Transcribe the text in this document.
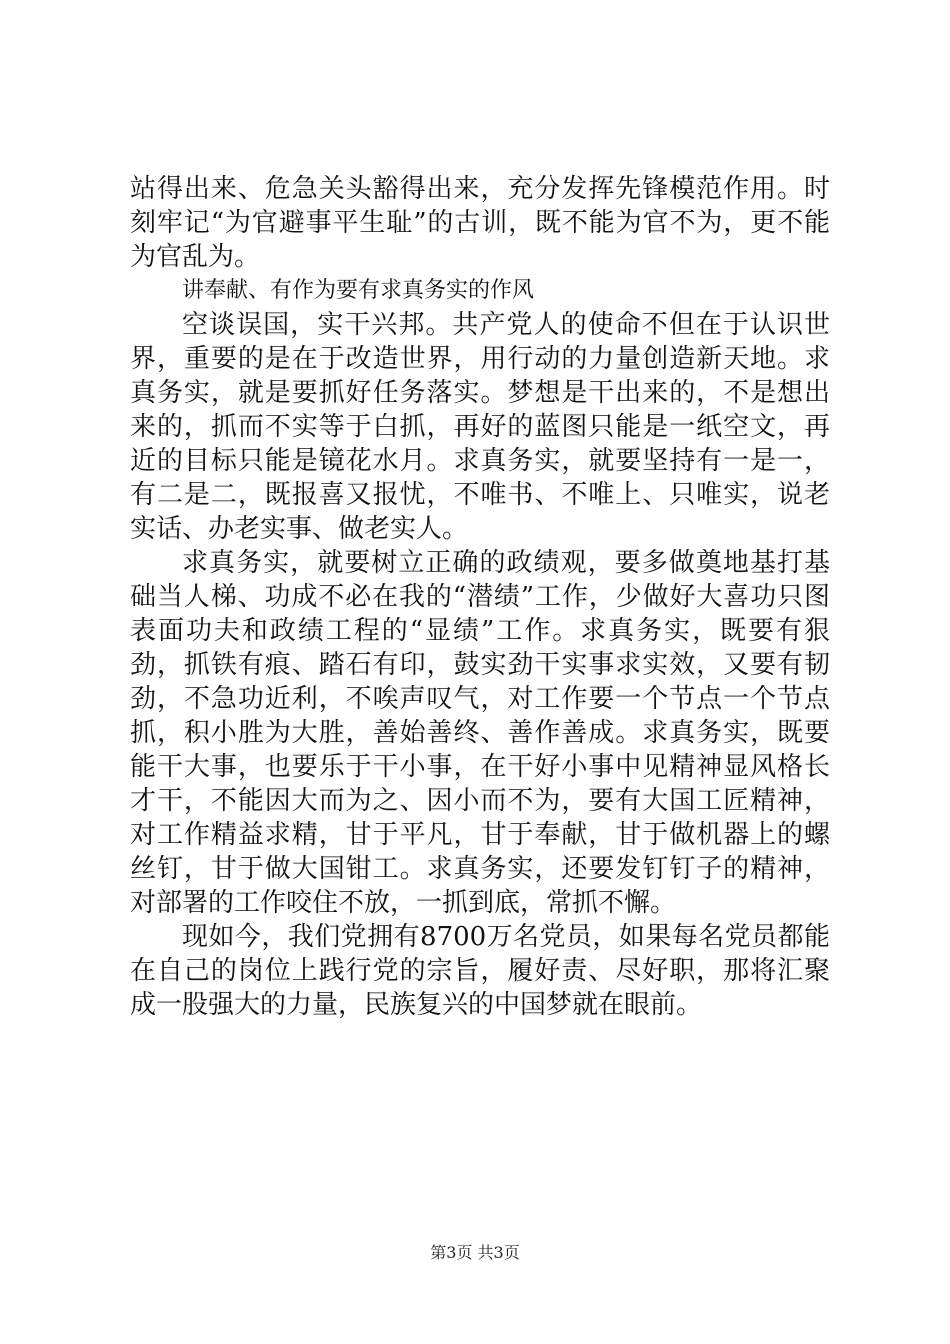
站得出来、危急关头豁得出来，充分发挥先锋模范作用。时刻牢记“为官避事平生耻”的古训，既不能为官不为，更不能为官乱为。

讲奉献、有作为要有求真务实的作风

空谈误国，实干兴邦。共产党人的使命不但在于认识世界，重要的是在于改造世界，用行动的力量创造新天地。求真务实，就是要抓好任务落实。梦想是干出来的，不是想出来的，抓而不实等于白抓，再好的蓝图只能是一纸空文，再近的目标只能是镜花水月。求真务实，就要坚持有一是一，有二是二，既报喜又报忧，不唯书、不唯上、只唯实，说老实话、办老实事、做老实人。

求真务实，就要树立正确的政绩观，要多做奠地基打基础当人梯、功成不必在我的“潜绩”工作，少做好大喜功只图表面功夫和政绩工程的“显绩”工作。求真务实，既要有狠劲，抓铁有痕、踏石有印，鼓实劲干实事求实效，又要有韧劲，不急功近利，不唉声叹气，对工作要一个节点一个节点抓，积小胜为大胜，善始善终、善作善成。求真务实，既要能干大事，也要乐于干小事，在干好小事中见精神显风格长才干，不能因大而为之、因小而不为，要有大国工匠精神，对工作精益求精，甘于平凡，甘于奉献，甘于做机器上的螺丝钉，甘于做大国钳工。求真务实，还要发钉钉子的精神，对部署的工作咬住不放，一抓到底，常抓不懈。

现如今，我们党拥有8700万名党员，如果每名党员都能在自己的岗位上践行党的宗旨，履好责、尽好职，那将汇聚成一股强大的力量，民族复兴的中国梦就在眼前。

第3页 共3页
